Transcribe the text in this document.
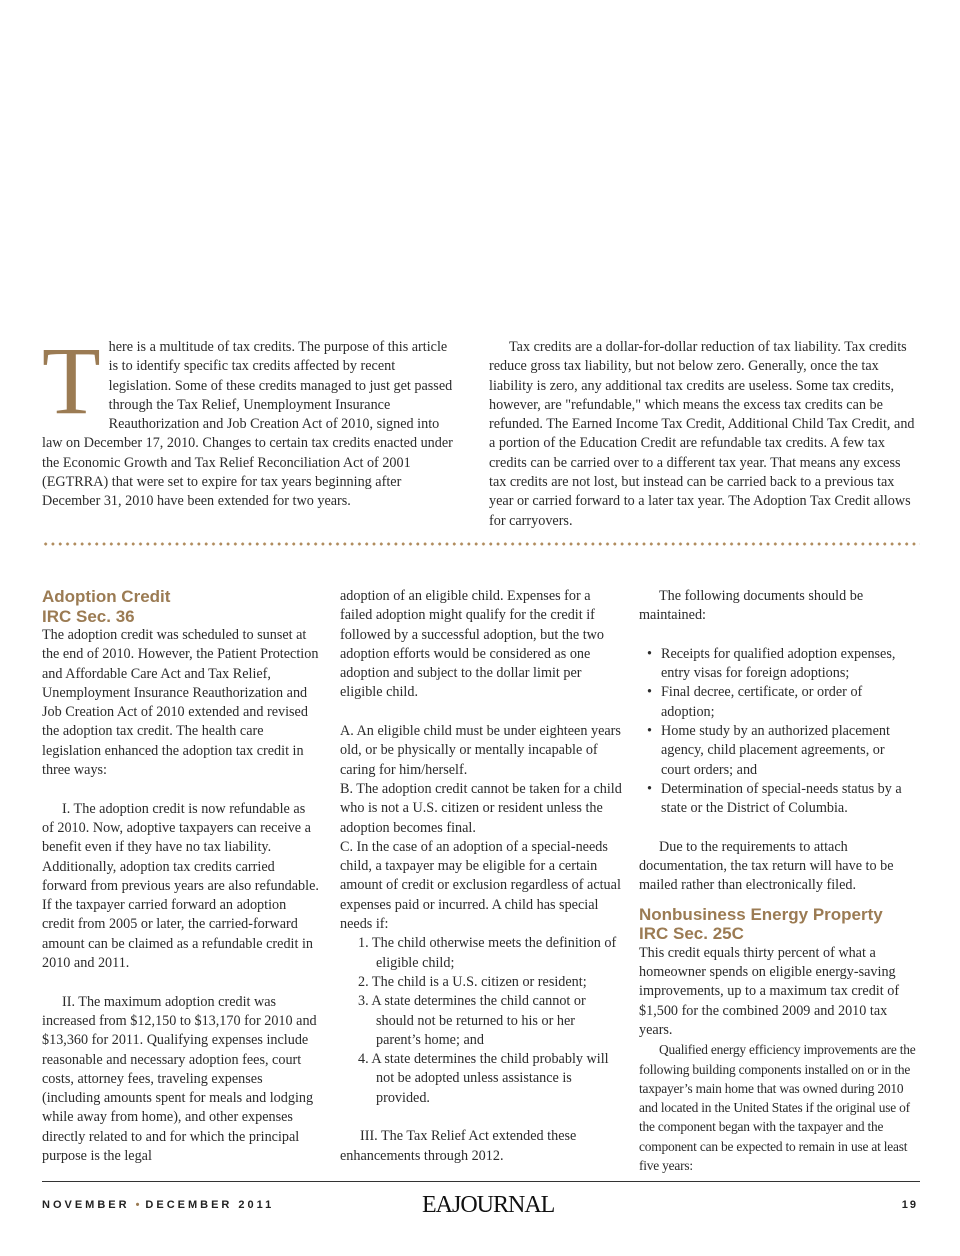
T here is a multitude of tax credits. The purpose of this article is to identify specific tax credits affected by recent legislation. Some of these credits managed to just get passed through the Tax Relief, Unemployment Insurance Reauthorization and Job Creation Act of 2010, signed into law on December 17, 2010. Changes to certain tax credits enacted under the Economic Growth and Tax Relief Reconciliation Act of 2001 (EGTRRA) that were set to expire for tax years beginning after December 31, 2010 have been extended for two years.

Tax credits are a dollar-for-dollar reduction of tax liability. Tax credits reduce gross tax liability, but not below zero. Generally, once the tax liability is zero, any additional tax credits are useless. Some tax credits, however, are "refundable," which means the excess tax credits can be refunded. The Earned Income Tax Credit, Additional Child Tax Credit, and a portion of the Education Credit are refundable tax credits. A few tax credits can be carried over to a different tax year. That means any excess tax credits are not lost, but instead can be carried back to a previous tax year or carried forward to a later tax year. The Adoption Tax Credit allows for carryovers.

Adoption Credit

IRC Sec. 36

The adoption credit was scheduled to sunset at the end of 2010. However, the Patient Protection and Affordable Care Act and Tax Relief, Unemployment Insurance Reauthorization and Job Creation Act of 2010 extended and revised the adoption tax credit. The health care legislation enhanced the adoption tax credit in three ways:

I. The adoption credit is now refundable as of 2010. Now, adoptive taxpayers can receive a benefit even if they have no tax liability. Additionally, adoption tax credits carried forward from previous years are also refundable. If the taxpayer carried forward an adoption credit from 2005 or later, the carried-forward amount can be claimed as a refundable credit in 2010 and 2011.

II. The maximum adoption credit was increased from $12,150 to $13,170 for 2010 and $13,360 for 2011. Qualifying expenses include reasonable and necessary adoption fees, court costs, attorney fees, traveling expenses (including amounts spent for meals and lodging while away from home), and other expenses directly related to and for which the principal purpose is the legal

adoption of an eligible child. Expenses for a failed adoption might qualify for the credit if followed by a successful adoption, but the two adoption efforts would be considered as one adoption and subject to the dollar limit per eligible child.

A. An eligible child must be under eighteen years old, or be physically or mentally incapable of caring for him/herself.

B. The adoption credit cannot be taken for a child who is not a U.S. citizen or resident unless the adoption becomes final.

C. In the case of an adoption of a special-needs child, a taxpayer may be eligible for a certain amount of credit or exclusion regardless of actual expenses paid or incurred. A child has special needs if:

1. The child otherwise meets the definition of eligible child;

2. The child is a U.S. citizen or resident;

3. A state determines the child cannot or should not be returned to his or her parent’s home; and

4. A state determines the child probably will not be adopted unless assistance is provided.

III. The Tax Relief Act extended these enhancements through 2012.

The following documents should be maintained:

• Receipts for qualified adoption expenses, entry visas for foreign adoptions;
• Final decree, certificate, or order of adoption;
• Home study by an authorized placement agency, child placement agreements, or court orders; and
• Determination of special-needs status by a state or the District of Columbia.

Due to the requirements to attach documentation, the tax return will have to be mailed rather than electronically filed.

Nonbusiness Energy Property

IRC Sec. 25C

This credit equals thirty percent of what a homeowner spends on eligible energy-saving improvements, up to a maximum tax credit of $1,500 for the combined 2009 and 2010 tax years.

Qualified energy efficiency improvements are the following building components installed on or in the taxpayer’s main home that was owned during 2010 and located in the United States if the original use of the component began with the taxpayer and the component can be expected to remain in use at least five years:

NOVEMBER • DECEMBER 2011	EAJOURNAL	19
